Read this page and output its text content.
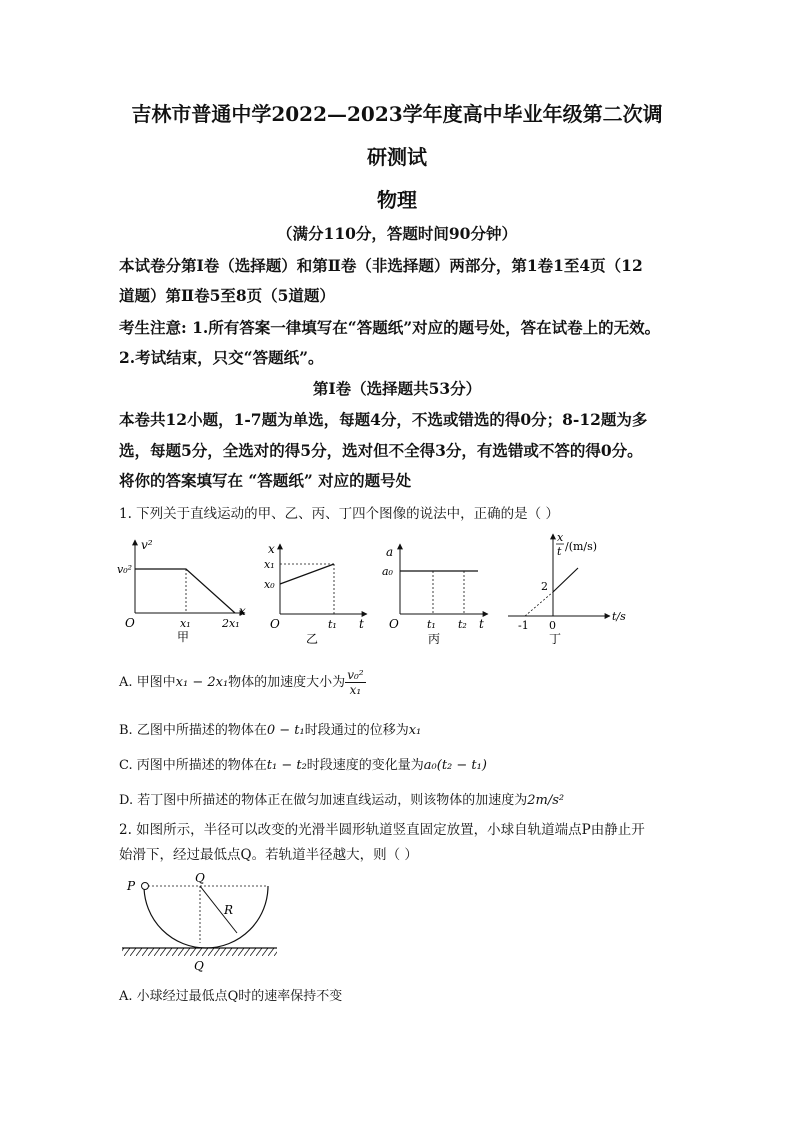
吉林市普通中学2022—2023学年度高中毕业年级第二次调
研测试
物理
（满分110分，答题时间90分钟）
本试卷分第Ⅰ卷（选择题）和第Ⅱ卷（非选择题）两部分，第1卷1至4页（12
道题）第Ⅱ卷5至8页（5道题）
考生注意: 1.所有答案一律填写在“答题纸”对应的题号处，答在试卷上的无效。
2.考试结束，只交“答题纸”。
第Ⅰ卷（选择题共53分）
本卷共12小题，1-7题为单选，每题4分，不选或错选的得0分；8-12题为多
选，每题5分，全选对的得5分，选对但不全得3分，有选错或不答的得0分。
将你的答案填写在 “答题纸” 对应的题号处
1. 下列关于直线运动的甲、乙、丙、丁四个图像的说法中，正确的是（ ）
v²
v₀²
x₁	2x₁
x
O
甲
x
x₁
x₀
t₁ t
O
乙
a
a₀
t₁ t₂ t
O
丙
x
t /(m/s)
2
-1 0
t/s
丁
A. 甲图中x₁ − 2x₁物体的加速度大小为 $\frac{\text{v₀²}}{\text{x₁}}$
B. 乙图中所描述的物体在0 − t₁时段通过的位移为x₁
C. 丙图中所描述的物体在t₁ − t₂时段速度的变化量为a₀(t₂ − t₁)
D. 若丁图中所描述的物体正在做匀加速直线运动，则该物体的加速度为2m/s²
2. 如图所示，半径可以改变的光滑半圆形轨道竖直固定放置，小球自轨道端点P由静止开
始滑下，经过最低点Q。若轨道半径越大，则（ ）
P
Q
R
Q
A. 小球经过最低点Q时的速率保持不变
